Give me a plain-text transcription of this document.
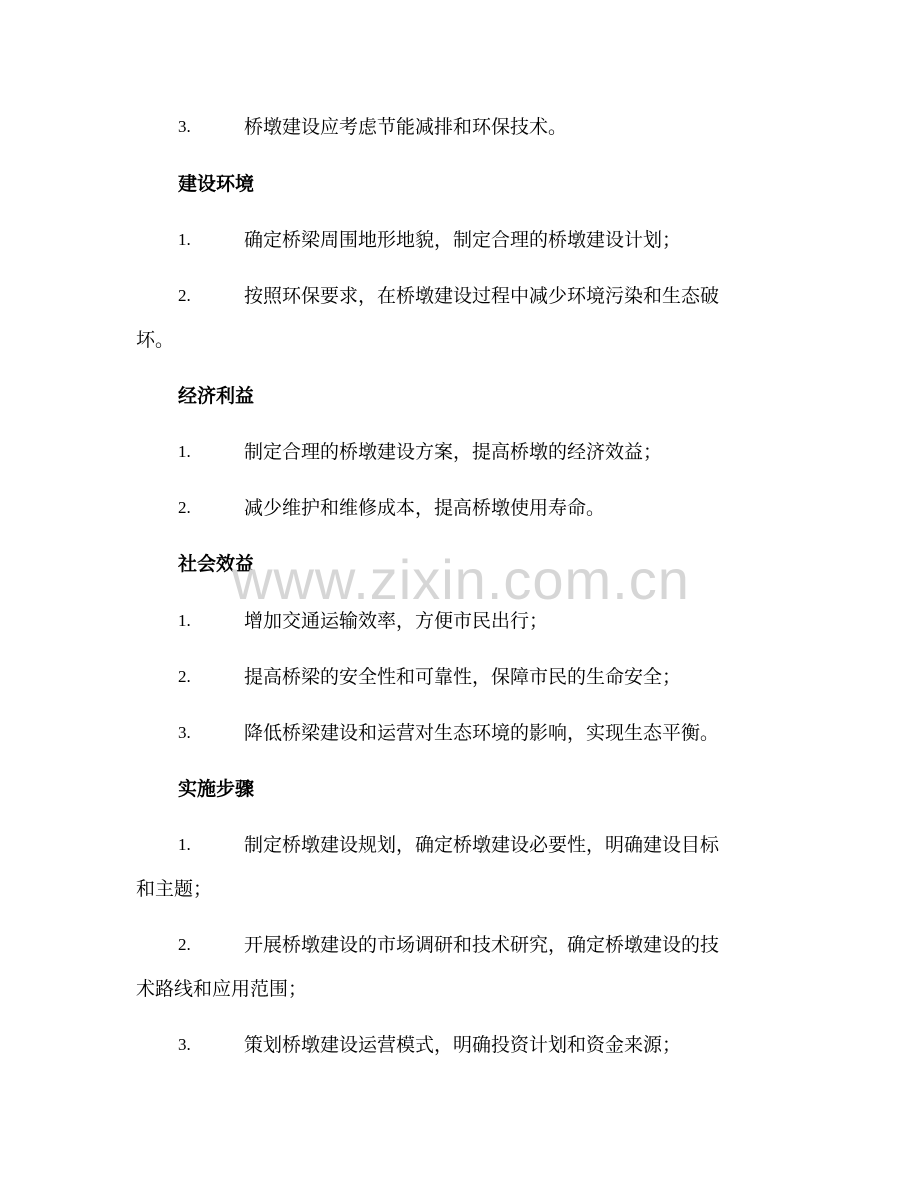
3.	桥墩建设应考虑节能减排和环保技术。
建设环境
1.	确定桥梁周围地形地貌，制定合理的桥墩建设计划；
2.	按照环保要求，在桥墩建设过程中减少环境污染和生态破
坏。
经济利益
1.	制定合理的桥墩建设方案，提高桥墩的经济效益；
2.	减少维护和维修成本，提高桥墩使用寿命。
社会效益
1.	增加交通运输效率，方便市民出行；
2.	提高桥梁的安全性和可靠性，保障市民的生命安全；
3.	降低桥梁建设和运营对生态环境的影响，实现生态平衡。
实施步骤
1.	制定桥墩建设规划，确定桥墩建设必要性，明确建设目标
和主题；
2.	开展桥墩建设的市场调研和技术研究，确定桥墩建设的技
术路线和应用范围；
3.	策划桥墩建设运营模式，明确投资计划和资金来源；
www.zixin.com.cn
